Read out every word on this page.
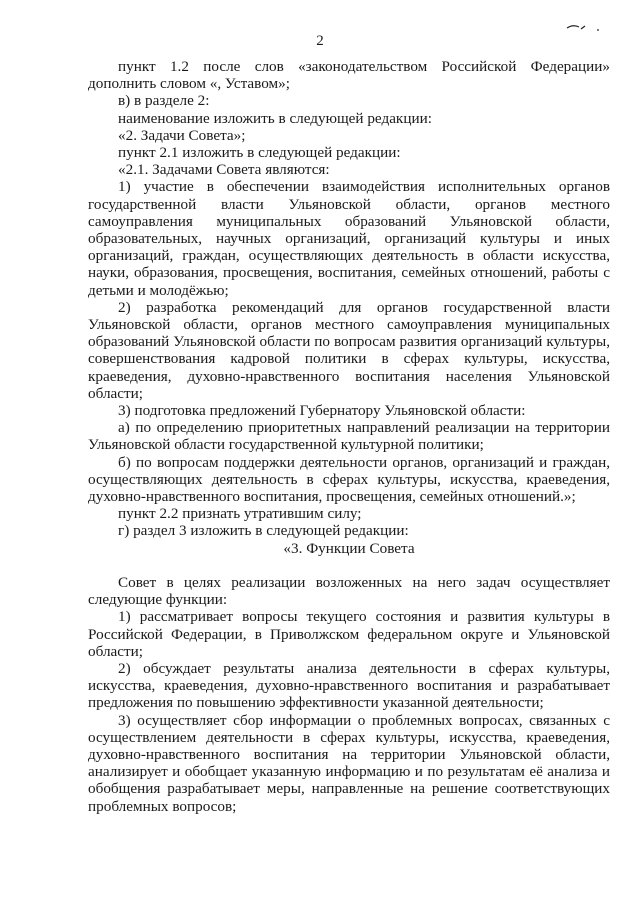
2

пункт 1.2 после слов «законодательством Российской Федерации» дополнить словом «, Уставом»;

в) в разделе 2:

наименование изложить в следующей редакции:

«2. Задачи Совета»;

пункт 2.1 изложить в следующей редакции:

«2.1. Задачами Совета являются:

1) участие в обеспечении взаимодействия исполнительных органов государственной власти Ульяновской области, органов местного самоуправления муниципальных образований Ульяновской области, образовательных, научных организаций, организаций культуры и иных организаций, граждан, осуществляющих деятельность в области искусства, науки, образования, просвещения, воспитания, семейных отношений, работы с детьми и молодёжью;

2) разработка рекомендаций для органов государственной власти Ульяновской области, органов местного самоуправления муниципальных образований Ульяновской области по вопросам развития организаций культуры, совершенствования кадровой политики в сферах культуры, искусства, краеведения, духовно-нравственного воспитания населения Ульяновской области;

3) подготовка предложений Губернатору Ульяновской области:

а) по определению приоритетных направлений реализации на территории Ульяновской области государственной культурной политики;

б) по вопросам поддержки деятельности органов, организаций и граждан, осуществляющих деятельность в сферах культуры, искусства, краеведения, духовно-нравственного воспитания, просвещения, семейных отношений.»;

пункт 2.2 признать утратившим силу;

г) раздел 3 изложить в следующей редакции:

«3. Функции Совета

Совет в целях реализации возложенных на него задач осуществляет следующие функции:

1) рассматривает вопросы текущего состояния и развития культуры в Российской Федерации, в Приволжском федеральном округе и Ульяновской области;

2) обсуждает результаты анализа деятельности в сферах культуры, искусства, краеведения, духовно-нравственного воспитания и разрабатывает предложения по повышению эффективности указанной деятельности;

3) осуществляет сбор информации о проблемных вопросах, связанных с осуществлением деятельности в сферах культуры, искусства, краеведения, духовно-нравственного воспитания на территории Ульяновской области, анализирует и обобщает указанную информацию и по результатам её анализа и обобщения разрабатывает меры, направленные на решение соответствующих проблемных вопросов;
